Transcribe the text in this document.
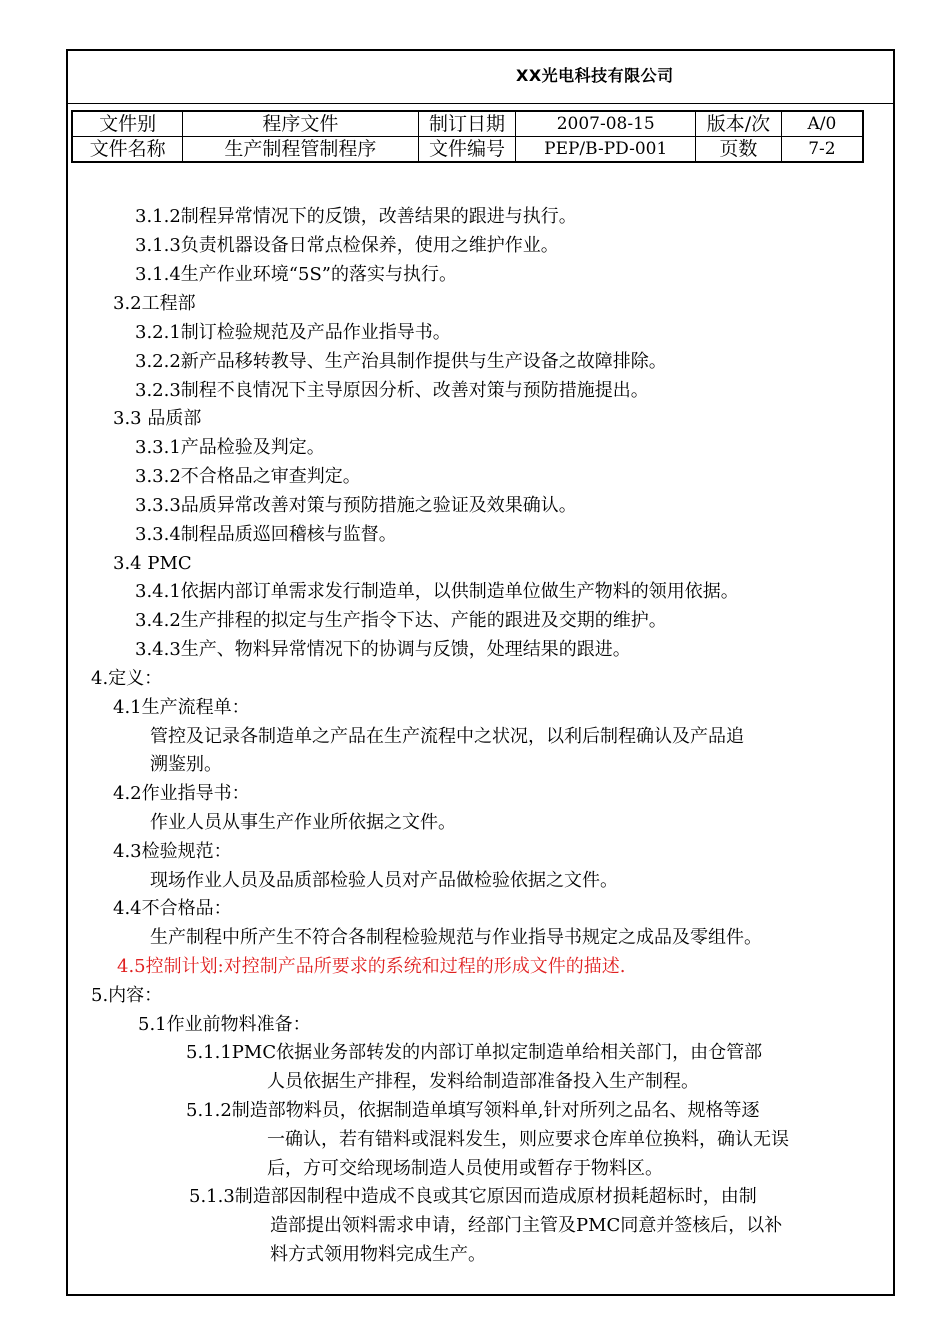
XX光电科技有限公司
文件别	程序文件	制订日期	2007-08-15	版本/次	A/0
文件名称	生产制程管制程序	文件编号	PEP/B-PD-001	页数	7-2
3.1.2制程异常情况下的反馈，改善结果的跟进与执行。
3.1.3负责机器设备日常点检保养，使用之维护作业。
3.1.4生产作业环境“5S”的落实与执行。
3.2工程部
3.2.1制订检验规范及产品作业指导书。
3.2.2新产品移转教导、生产治具制作提供与生产设备之故障排除。
3.2.3制程不良情况下主导原因分析、改善对策与预防措施提出。
3.3 品质部
3.3.1产品检验及判定。
3.3.2不合格品之审查判定。
3.3.3品质异常改善对策与预防措施之验证及效果确认。
3.3.4制程品质巡回稽核与监督。
3.4 PMC
3.4.1依据内部订单需求发行制造单，以供制造单位做生产物料的领用依据。
3.4.2生产排程的拟定与生产指令下达、产能的跟进及交期的维护。
3.4.3生产、物料异常情况下的协调与反馈，处理结果的跟进。
4.定义：
4.1生产流程单：
管控及记录各制造单之产品在生产流程中之状况，以利后制程确认及产品追
溯鉴别。
4.2作业指导书：
作业人员从事生产作业所依据之文件。
4.3检验规范：
现场作业人员及品质部检验人员对产品做检验依据之文件。
4.4不合格品：
生产制程中所产生不符合各制程检验规范与作业指导书规定之成品及零组件。
4.5控制计划:对控制产品所要求的系统和过程的形成文件的描述.
5.内容：
5.1作业前物料准备：
5.1.1PMC依据业务部转发的内部订单拟定制造单给相关部门，由仓管部
人员依据生产排程，发料给制造部准备投入生产制程。
5.1.2制造部物料员，依据制造单填写领料单,针对所列之品名、规格等逐
一确认，若有错料或混料发生，则应要求仓库单位换料，确认无误
后，方可交给现场制造人员使用或暂存于物料区。
5.1.3制造部因制程中造成不良或其它原因而造成原材损耗超标时，由制
造部提出领料需求申请，经部门主管及PMC同意并签核后，以补
料方式领用物料完成生产。
